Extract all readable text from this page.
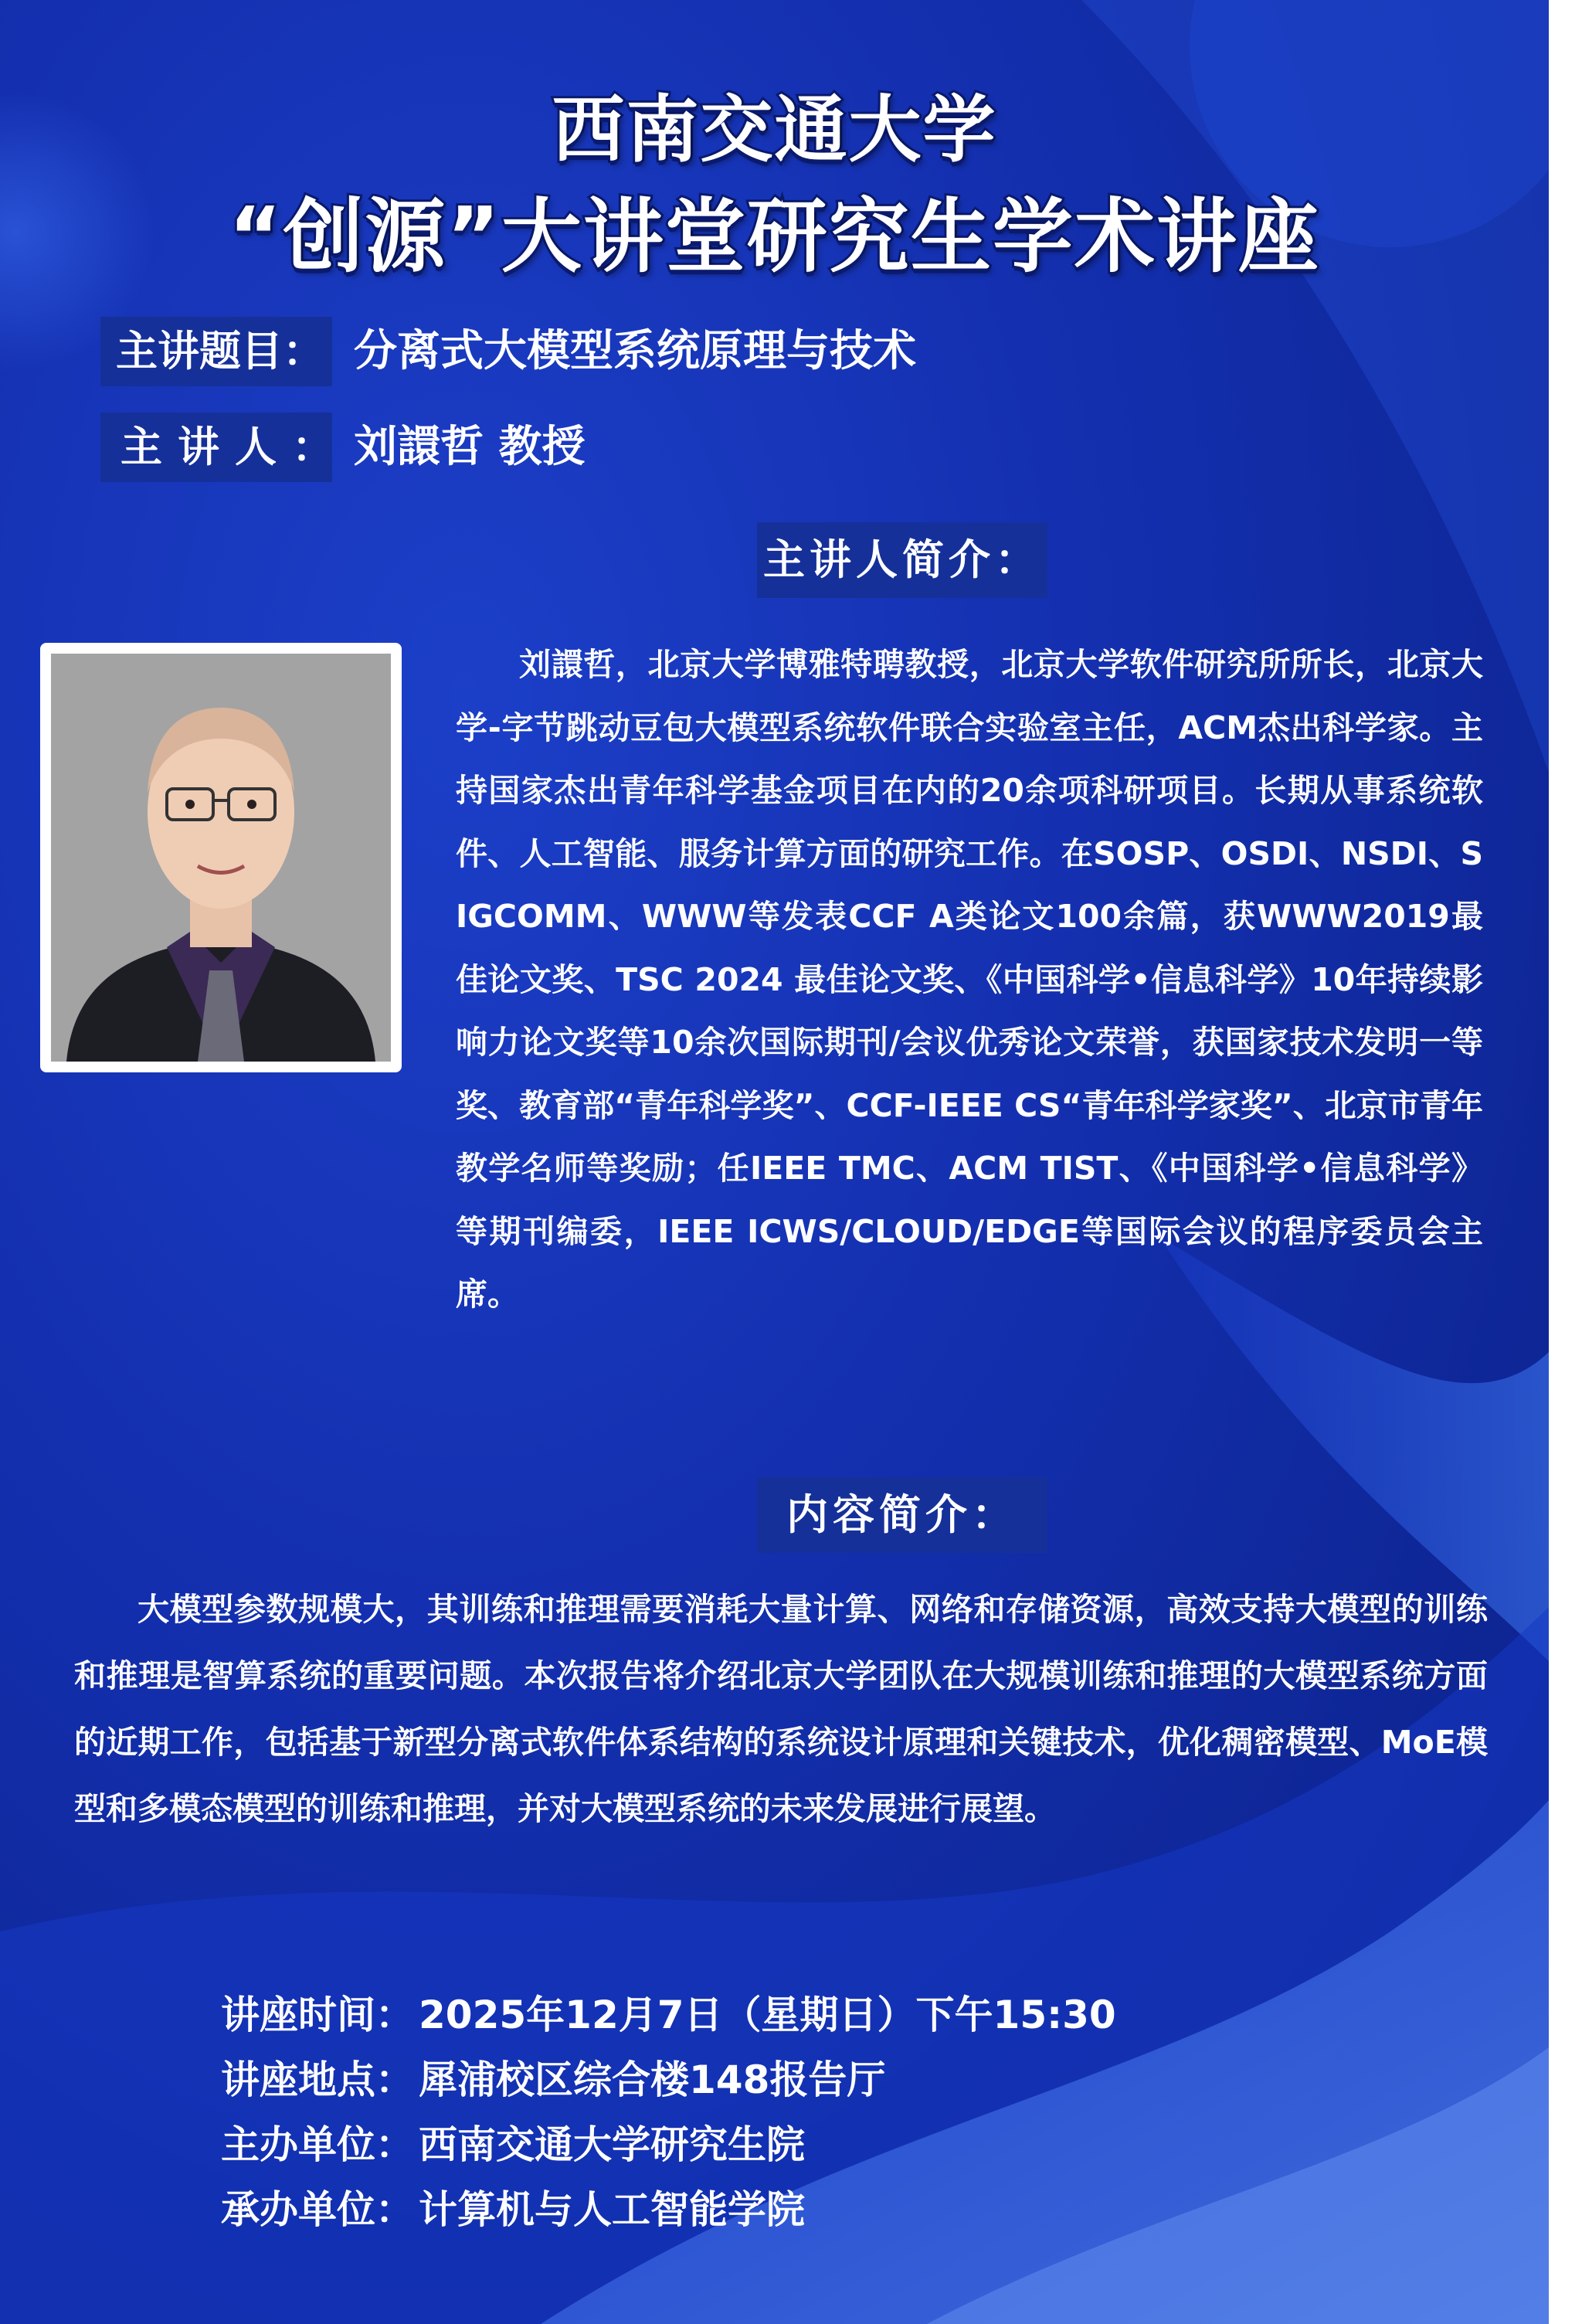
西南交通大学
“创源”大讲堂研究生学术讲座
主讲题目： 分离式大模型系统原理与技术
主讲人： 刘譞哲 教授
主讲人简介：

刘譞哲，北京大学博雅特聘教授，北京大学软件研究所所长，北京大学-字节跳动豆包大模型系统软件联合实验室主任，ACM杰出科学家。主持国家杰出青年科学基金项目在内的20余项科研项目。长期从事系统软件、人工智能、服务计算方面的研究工作。在SOSP、OSDI、NSDI、SIGCOMM、WWW等发表CCF A类论文100余篇，获WWW2019最佳论文奖、TSC 2024 最佳论文奖、《中国科学•信息科学》10年持续影响力论文奖等10余次国际期刊/会议优秀论文荣誉，获国家技术发明一等奖、教育部“青年科学奖”、CCF-IEEE CS“青年科学家奖”、北京市青年教学名师等奖励；任IEEE TMC、ACM TIST、《中国科学•信息科学》等期刊编委，IEEE ICWS/CLOUD/EDGE等国际会议的程序委员会主席。

内容简介：

大模型参数规模大，其训练和推理需要消耗大量计算、网络和存储资源，高效支持大模型的训练和推理是智算系统的重要问题。本次报告将介绍北京大学团队在大规模训练和推理的大模型系统方面的近期工作，包括基于新型分离式软件体系结构的系统设计原理和关键技术，优化稠密模型、MoE模型和多模态模型的训练和推理，并对大模型系统的未来发展进行展望。

讲座时间： 2025年12月7日（星期日）下午15:30
讲座地点： 犀浦校区综合楼148报告厅
主办单位： 西南交通大学研究生院
承办单位： 计算机与人工智能学院
